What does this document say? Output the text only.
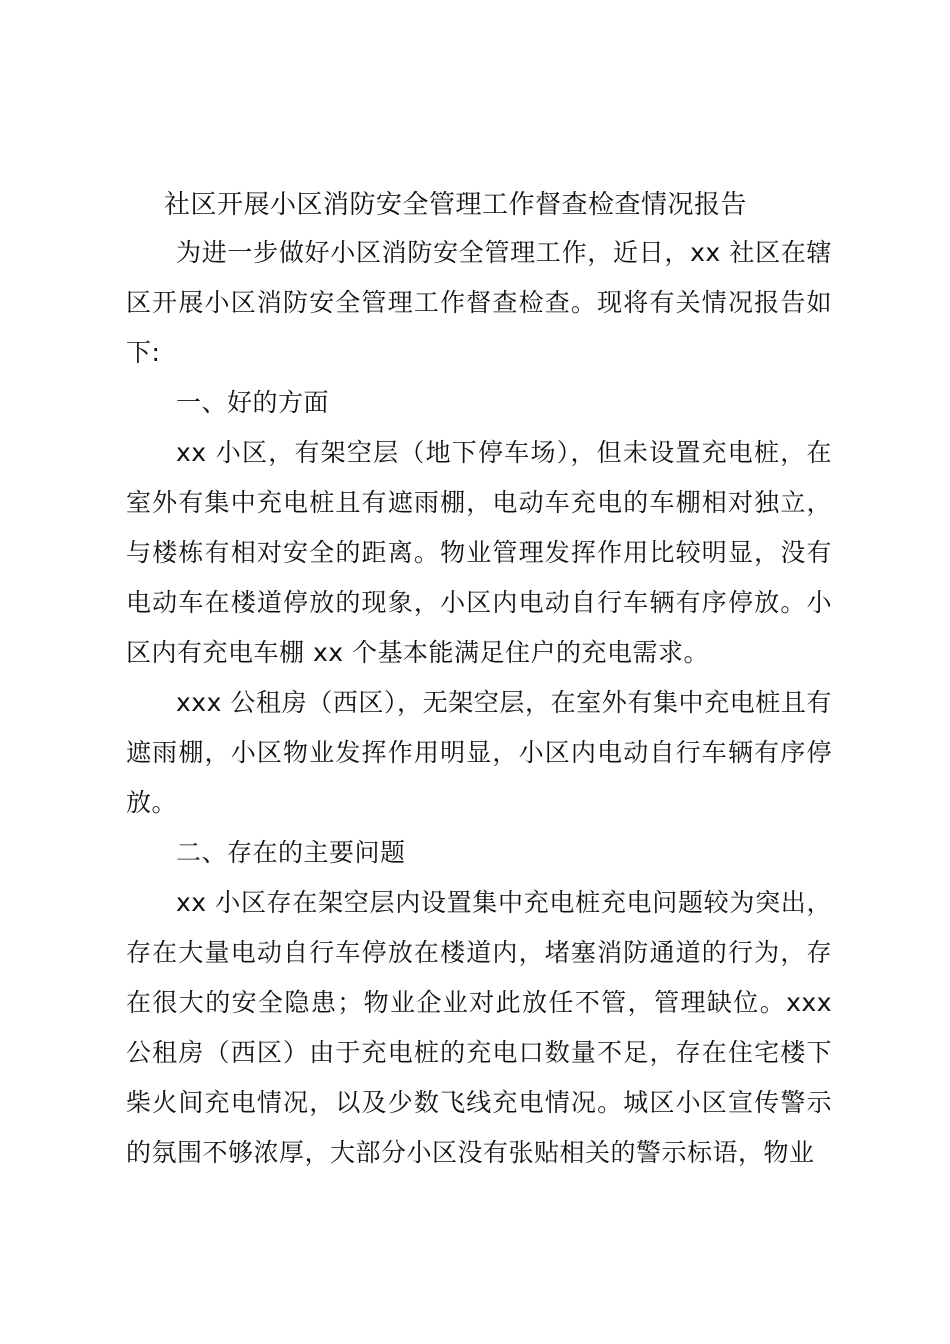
社区开展小区消防安全管理工作督查检查情况报告

为进一步做好小区消防安全管理工作，近日，xx 社区在辖区开展小区消防安全管理工作督查检查。现将有关情况报告如下:

一、好的方面

xx 小区，有架空层（地下停车场），但未设置充电桩，在室外有集中充电桩且有遮雨棚，电动车充电的车棚相对独立，与楼栋有相对安全的距离。物业管理发挥作用比较明显，没有电动车在楼道停放的现象，小区内电动自行车辆有序停放。小区内有充电车棚 xx 个基本能满足住户的充电需求。

xxx 公租房（西区），无架空层，在室外有集中充电桩且有遮雨棚，小区物业发挥作用明显，小区内电动自行车辆有序停放。

二、存在的主要问题

xx 小区存在架空层内设置集中充电桩充电问题较为突出，存在大量电动自行车停放在楼道内，堵塞消防通道的行为，存在很大的安全隐患；物业企业对此放任不管，管理缺位。xxx 公租房（西区）由于充电桩的充电口数量不足，存在住宅楼下柴火间充电情况，以及少数飞线充电情况。城区小区宣传警示的氛围不够浓厚，大部分小区没有张贴相关的警示标语，物业
